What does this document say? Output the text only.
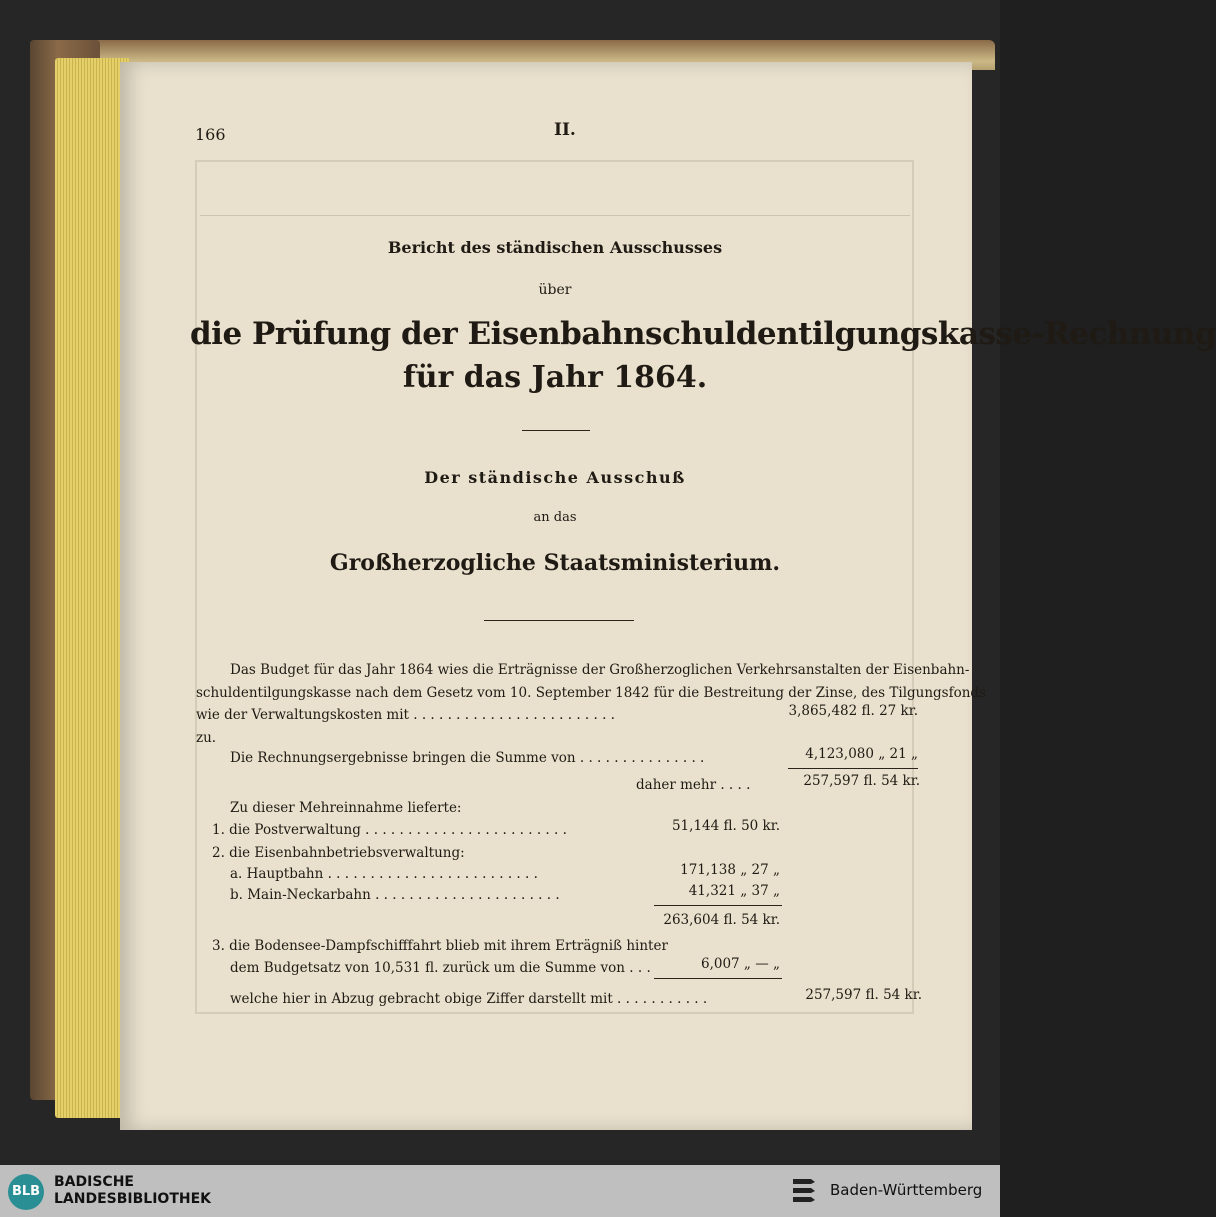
166	II.
Bericht des ständischen Ausschusses
über
die Prüfung der Eisenbahnschuldentilgungskasse-Rechnung
für das Jahr 1864.
Der ständische Ausschuß
an das
Großherzogliche Staatsministerium.
Das Budget für das Jahr 1864 wies die Erträgnisse der Großherzoglichen Verkehrsanstalten der Eisenbahn-
schuldentilgungskasse nach dem Gesetz vom 10. September 1842 für die Bestreitung der Zinse, des Tilgungsfonds
wie der Verwaltungskosten mit . . . . . . . . . . . . . . . . . . . . . . . .	3,865,482 fl. 27 kr.
zu.
Die Rechnungsergebnisse bringen die Summe von . . . . . . . . . . . . . . .	4,123,080 „ 21 „
daher mehr . . . .	257,597 fl. 54 kr.
Zu dieser Mehreinnahme lieferte:
1. die Postverwaltung . . . . . . . . . . . . . . . . . . . . . . . .	51,144 fl. 50 kr.
2. die Eisenbahnbetriebsverwaltung:
a. Hauptbahn . . . . . . . . . . . . . . . . . . . . . . . . .	171,138 „ 27 „
b. Main-Neckarbahn . . . . . . . . . . . . . . . . . . . . . .	41,321 „ 37 „
263,604 fl. 54 kr.
3. die Bodensee-Dampfschifffahrt blieb mit ihrem Erträgniß hinter
dem Budgetsatz von 10,531 fl. zurück um die Summe von . . .	6,007 „ — „
welche hier in Abzug gebracht obige Ziffer darstellt mit . . . . . . . . . . .	257,597 fl. 54 kr.
BLB
BADISCHE
LANDESBIBLIOTHEK	Baden-Württemberg
